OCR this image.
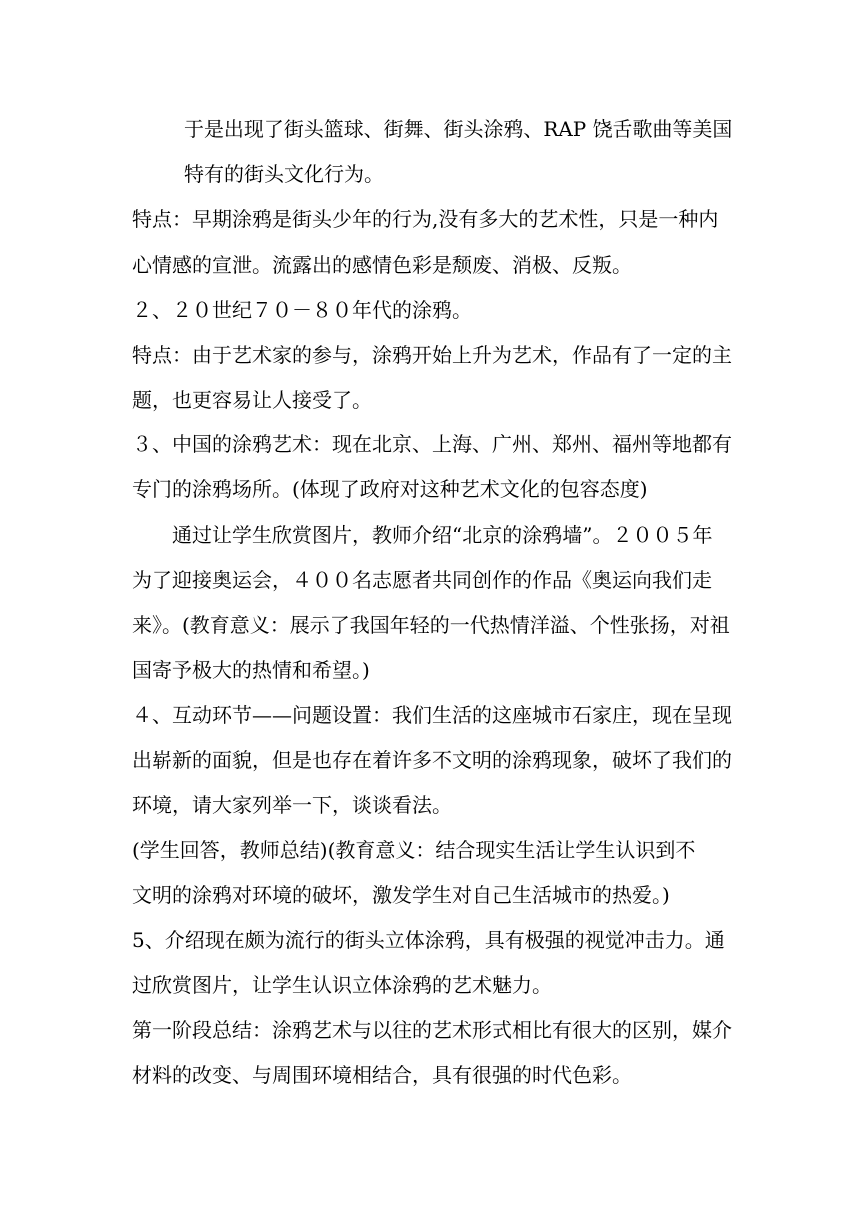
于是出现了街头篮球、街舞、街头涂鸦、RAP 饶舌歌曲等美国

特有的街头文化行为。

特点：早期涂鸦是街头少年的行为,没有多大的艺术性，只是一种内

心情感的宣泄。流露出的感情色彩是颓废、消极、反叛。

２、２０世纪７０－８０年代的涂鸦。

特点：由于艺术家的参与，涂鸦开始上升为艺术，作品有了一定的主

题，也更容易让人接受了。

３、中国的涂鸦艺术：现在北京、上海、广州、郑州、福州等地都有

专门的涂鸦场所。(体现了政府对这种艺术文化的包容态度)

通过让学生欣赏图片，教师介绍“北京的涂鸦墙”。２００５年

为了迎接奥运会，４００名志愿者共同创作的作品《奥运向我们走

来》。(教育意义：展示了我国年轻的一代热情洋溢、个性张扬，对祖

国寄予极大的热情和希望。)

４、互动环节——问题设置：我们生活的这座城市石家庄，现在呈现

出崭新的面貌，但是也存在着许多不文明的涂鸦现象，破坏了我们的

环境，请大家列举一下，谈谈看法。

(学生回答，教师总结)(教育意义：结合现实生活让学生认识到不

文明的涂鸦对环境的破坏，激发学生对自己生活城市的热爱。)

5、介绍现在颇为流行的街头立体涂鸦，具有极强的视觉冲击力。通

过欣赏图片，让学生认识立体涂鸦的艺术魅力。

第一阶段总结：涂鸦艺术与以往的艺术形式相比有很大的区别，媒介

材料的改变、与周围环境相结合，具有很强的时代色彩。
